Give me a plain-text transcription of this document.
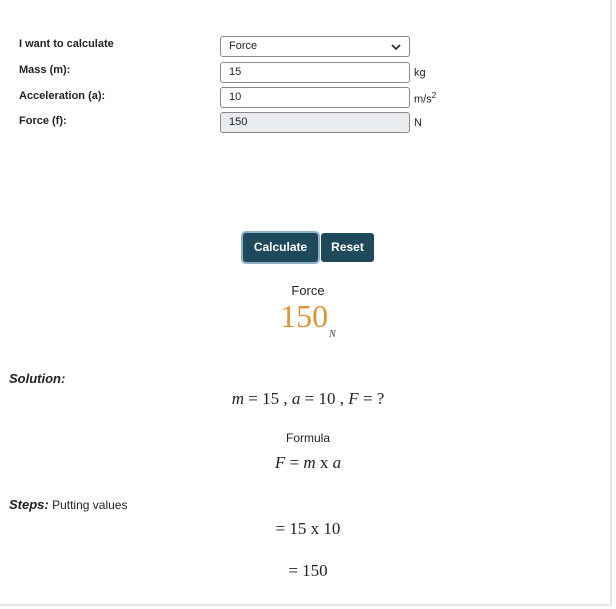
I want to calculate	Force
Mass (m):	15	kg
Acceleration (a):	10	$m/s^2$
Force (f):	150	N
Calculate	Reset
Force
$150_N$
Solution:
m = 15 , a = 10 , F = ?
Formula
F = m x a
Steps: Putting values
= 15 x 10
= 150
